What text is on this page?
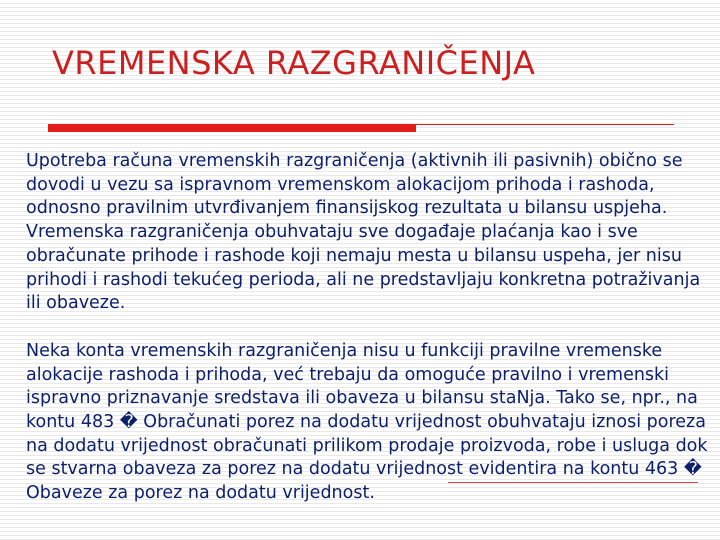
VREMENSKA RAZGRANIČENJA

Upotreba računa vremenskih razgraničenja (aktivnih ili pasivnih) obično se dovodi u vezu sa ispravnom vremenskom alokacijom prihoda i rashoda, odnosno pravilnim utvrđivanjem finansijskog rezultata u bilansu uspjeha. Vremenska razgraničenja obuhvataju sve događaje plaćanja kao i sve obračunate prihode i rashode koji nemaju mesta u bilansu uspeha, jer nisu prihodi i rashodi tekućeg perioda, ali ne predstavljaju konkretna potraživanja ili obaveze.

Neka konta vremenskih razgraničenja nisu u funkciji pravilne vremenske alokacije rashoda i prihoda, već trebaju da omoguće pravilno i vremenski ispravno priznavanje sredstava ili obaveza u bilansu staNja. Tako se, npr., na kontu 483 � Obračunati porez na dodatu vrijednost obuhvataju iznosi poreza na dodatu vrijednost obračunati prilikom prodaje proizvoda, robe i usluga dok se stvarna obaveza za porez na dodatu vrijednost evidentira na kontu 463 � Obaveze za porez na dodatu vrijednost.
